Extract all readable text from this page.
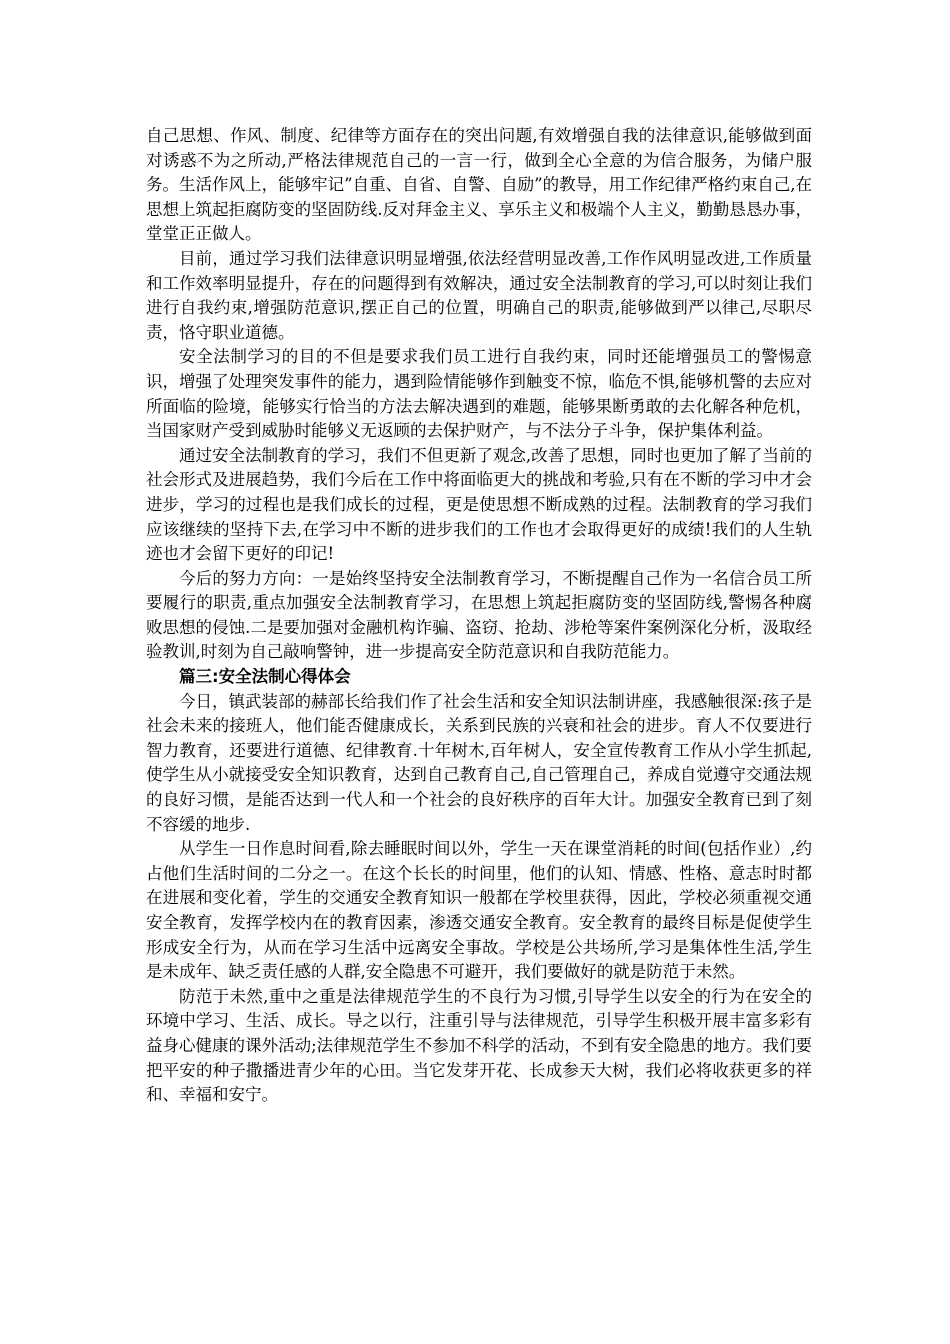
自己思想、作风、制度、纪律等方面存在的突出问题,有效增强自我的法律意识,能够做到面对诱惑不为之所动,严格法律规范自己的一言一行，做到全心全意的为信合服务，为储户服务。生活作风上，能够牢记”自重、自省、自警、自励”的教导，用工作纪律严格约束自己,在思想上筑起拒腐防变的坚固防线.反对拜金主义、享乐主义和极端个人主义，勤勤恳恳办事，堂堂正正做人。

目前，通过学习我们法律意识明显增强,依法经营明显改善,工作作风明显改进,工作质量和工作效率明显提升，存在的问题得到有效解决，通过安全法制教育的学习,可以时刻让我们进行自我约束,增强防范意识,摆正自己的位置，明确自己的职责,能够做到严以律己,尽职尽责，恪守职业道德。

安全法制学习的目的不但是要求我们员工进行自我约束，同时还能增强员工的警惕意识，增强了处理突发事件的能力，遇到险情能够作到触变不惊，临危不惧,能够机警的去应对所面临的险境，能够实行恰当的方法去解决遇到的难题，能够果断勇敢的去化解各种危机，当国家财产受到威胁时能够义无返顾的去保护财产，与不法分子斗争，保护集体利益。

通过安全法制教育的学习，我们不但更新了观念,改善了思想，同时也更加了解了当前的社会形式及进展趋势，我们今后在工作中将面临更大的挑战和考验,只有在不断的学习中才会进步，学习的过程也是我们成长的过程，更是使思想不断成熟的过程。法制教育的学习我们应该继续的坚持下去,在学习中不断的进步我们的工作也才会取得更好的成绩!我们的人生轨迹也才会留下更好的印记!

今后的努力方向：一是始终坚持安全法制教育学习，不断提醒自己作为一名信合员工所要履行的职责,重点加强安全法制教育学习，在思想上筑起拒腐防变的坚固防线,警惕各种腐败思想的侵蚀.二是要加强对金融机构诈骗、盗窃、抢劫、涉枪等案件案例深化分析，汲取经验教训,时刻为自己敲响警钟，进一步提高安全防范意识和自我防范能力。

篇三:安全法制心得体会

今日，镇武装部的赫部长给我们作了社会生活和安全知识法制讲座，我感触很深:孩子是社会未来的接班人，他们能否健康成长，关系到民族的兴衰和社会的进步。育人不仅要进行智力教育，还要进行道德、纪律教育.十年树木,百年树人，安全宣传教育工作从小学生抓起,使学生从小就接受安全知识教育，达到自己教育自己,自己管理自己，养成自觉遵守交通法规的良好习惯，是能否达到一代人和一个社会的良好秩序的百年大计。加强安全教育已到了刻不容缓的地步.

从学生一日作息时间看,除去睡眠时间以外，学生一天在课堂消耗的时间(包括作业）,约占他们生活时间的二分之一。在这个长长的时间里，他们的认知、情感、性格、意志时时都在进展和变化着，学生的交通安全教育知识一般都在学校里获得，因此，学校必须重视交通安全教育，发挥学校内在的教育因素，渗透交通安全教育。安全教育的最终目标是促使学生形成安全行为，从而在学习生活中远离安全事故。学校是公共场所,学习是集体性生活,学生是未成年、缺乏责任感的人群,安全隐患不可避开，我们要做好的就是防范于未然。

防范于未然,重中之重是法律规范学生的不良行为习惯,引导学生以安全的行为在安全的环境中学习、生活、成长。导之以行，注重引导与法律规范，引导学生积极开展丰富多彩有益身心健康的课外活动;法律规范学生不参加不科学的活动，不到有安全隐患的地方。我们要把平安的种子撒播进青少年的心田。当它发芽开花、长成参天大树，我们必将收获更多的祥和、幸福和安宁。
